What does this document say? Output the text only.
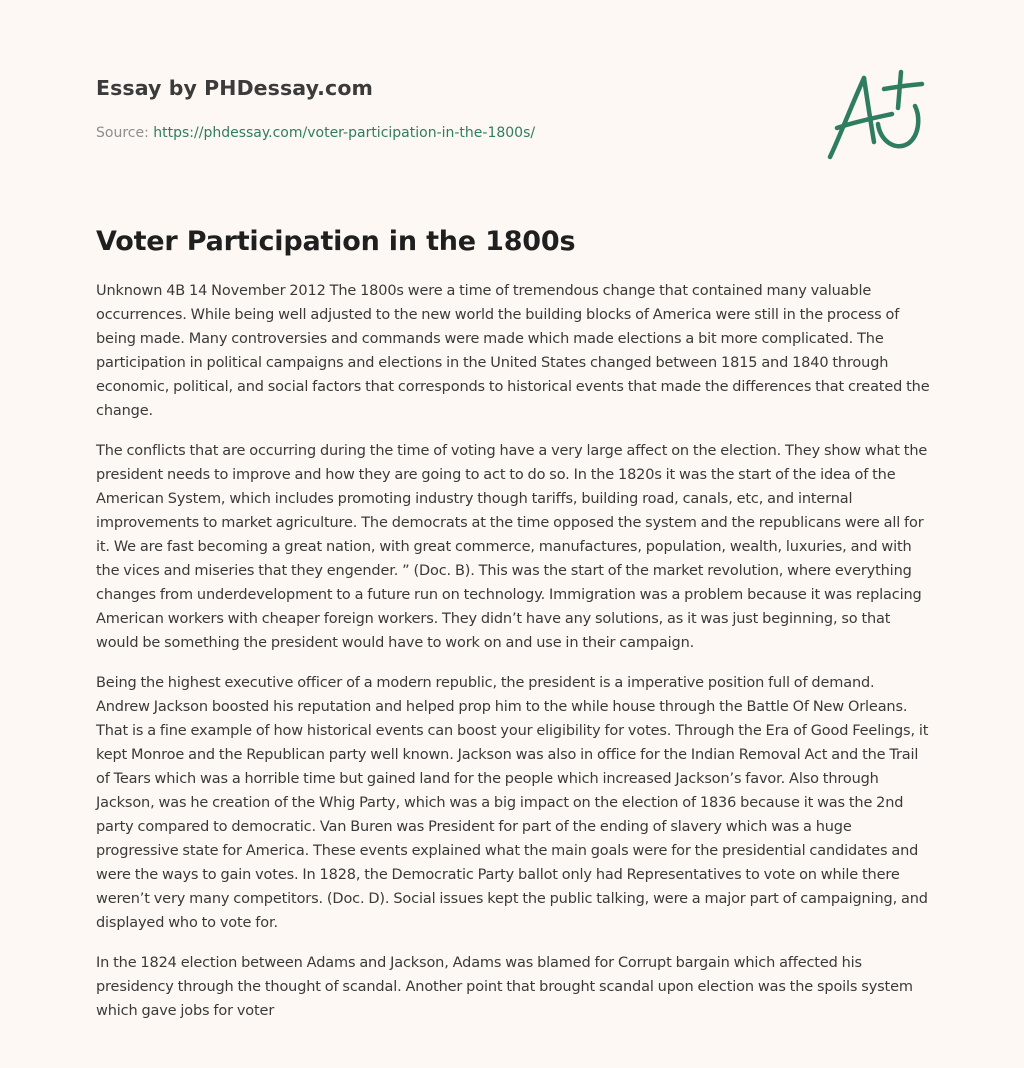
Essay by PHDessay.com
Source: https://phdessay.com/voter-participation-in-the-1800s/
Voter Participation in the 1800s

Unknown 4B 14 November 2012 The 1800s were a time of tremendous change that contained many valuable occurrences. While being well adjusted to the new world the building blocks of America were still in the process of being made. Many controversies and commands were made which made elections a bit more complicated. The participation in political campaigns and elections in the United States changed between 1815 and 1840 through economic, political, and social factors that corresponds to historical events that made the differences that created the change.

The conflicts that are occurring during the time of voting have a very large affect on the election. They show what the president needs to improve and how they are going to act to do so. In the 1820s it was the start of the idea of the American System, which includes promoting industry though tariffs, building road, canals, etc, and internal improvements to market agriculture. The democrats at the time opposed the system and the republicans were all for it. We are fast becoming a great nation, with great commerce, manufactures, population, wealth, luxuries, and with the vices and miseries that they engender. ” (Doc. B). This was the start of the market revolution, where everything changes from underdevelopment to a future run on technology. Immigration was a problem because it was replacing American workers with cheaper foreign workers. They didn’t have any solutions, as it was just beginning, so that would be something the president would have to work on and use in their campaign.

Being the highest executive officer of a modern republic, the president is a imperative position full of demand. Andrew Jackson boosted his reputation and helped prop him to the while house through the Battle Of New Orleans. That is a fine example of how historical events can boost your eligibility for votes. Through the Era of Good Feelings, it kept Monroe and the Republican party well known. Jackson was also in office for the Indian Removal Act and the Trail of Tears which was a horrible time but gained land for the people which increased Jackson’s favor. Also through Jackson, was he creation of the Whig Party, which was a big impact on the election of 1836 because it was the 2nd party compared to democratic. Van Buren was President for part of the ending of slavery which was a huge progressive state for America. These events explained what the main goals were for the presidential candidates and were the ways to gain votes. In 1828, the Democratic Party ballot only had Representatives to vote on while there weren’t very many competitors. (Doc. D). Social issues kept the public talking, were a major part of campaigning, and displayed who to vote for.

In the 1824 election between Adams and Jackson, Adams was blamed for Corrupt bargain which affected his presidency through the thought of scandal. Another point that brought scandal upon election was the spoils system which gave jobs for voter
